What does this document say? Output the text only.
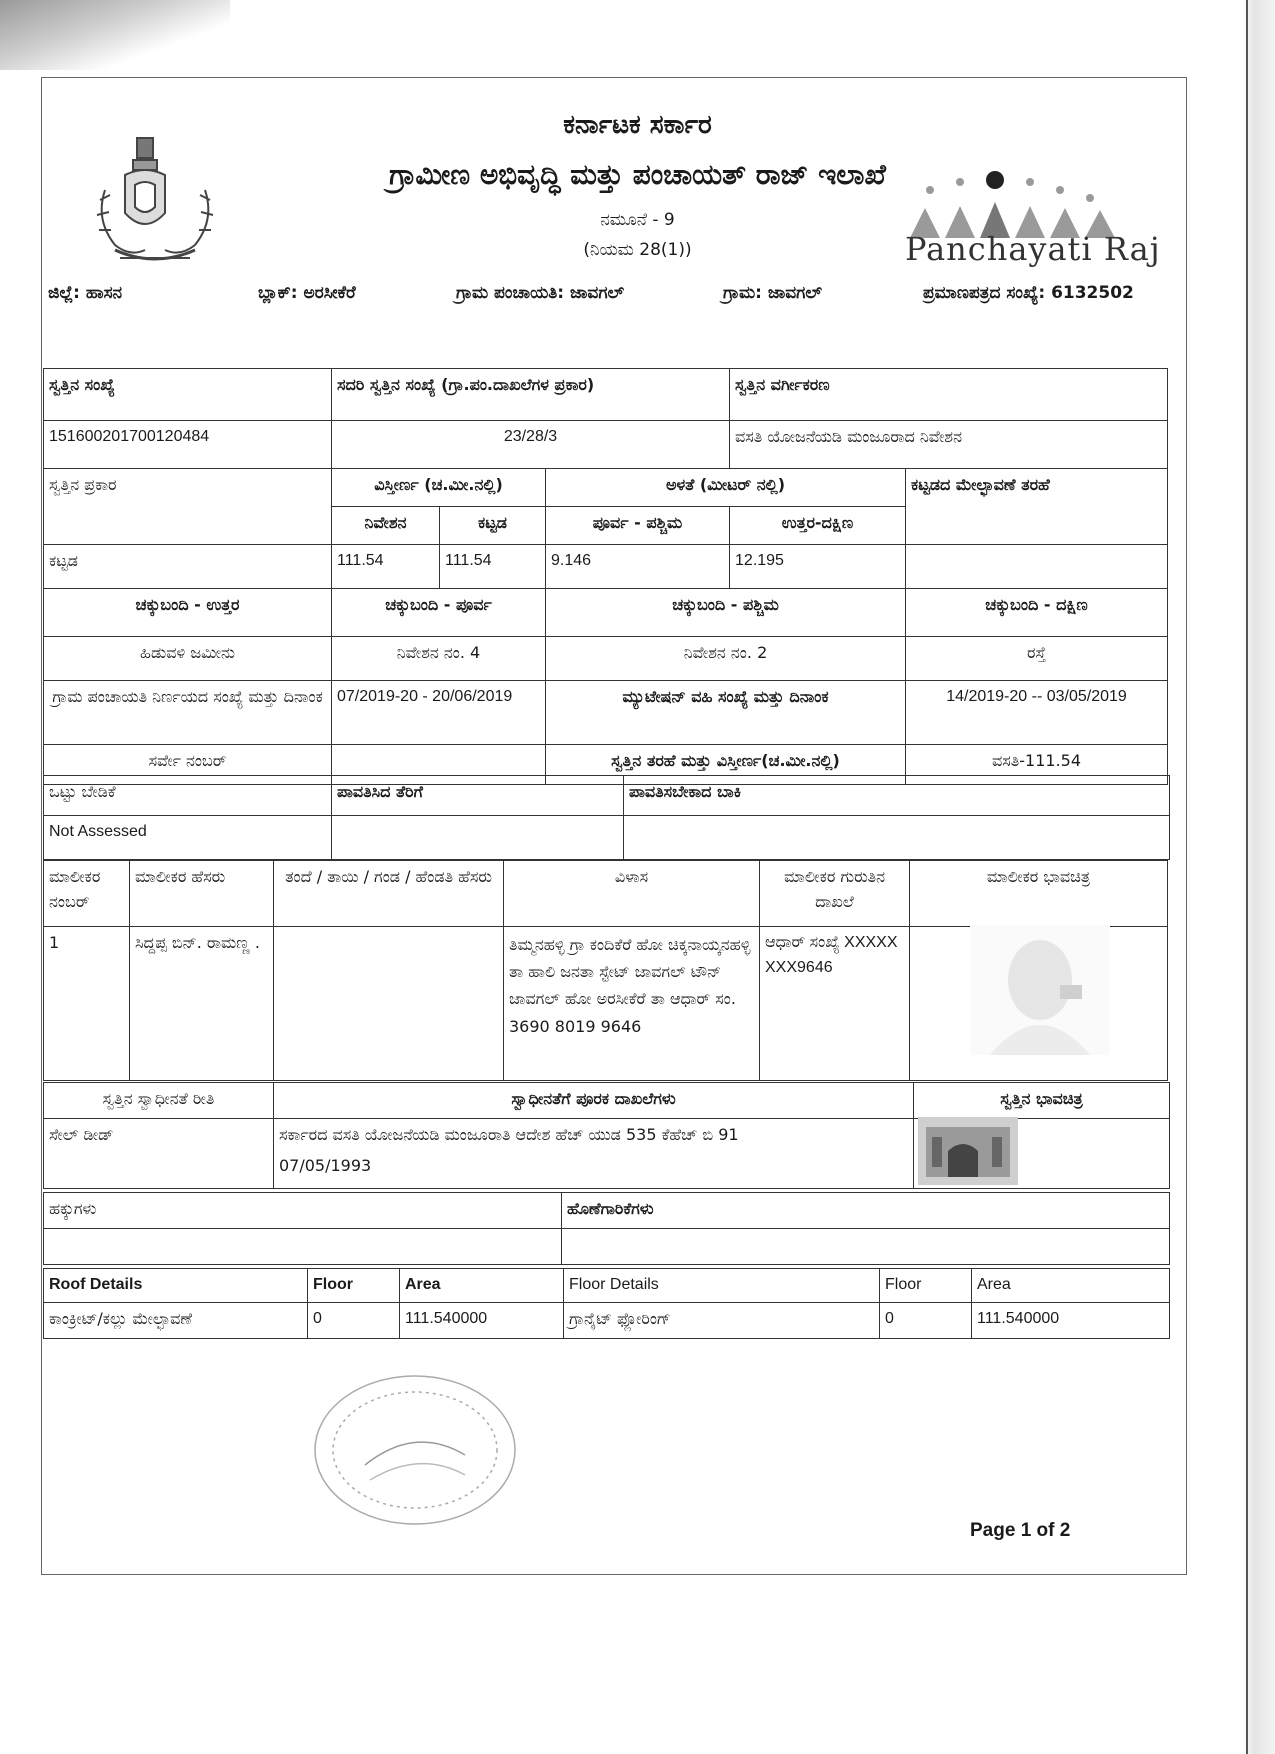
Panchayati Raj
ಕರ್ನಾಟಕ ಸರ್ಕಾರ
ಗ್ರಾಮೀಣ ಅಭಿವೃದ್ಧಿ ಮತ್ತು ಪಂಚಾಯತ್ ರಾಜ್ ಇಲಾಖೆ
ನಮೂನೆ - 9
(ನಿಯಮ 28(1))
ಜಿಲ್ಲೆ: ಹಾಸನ	ಬ್ಲಾಕ್: ಅರಸೀಕೆರೆ	ಗ್ರಾಮ ಪಂಚಾಯತಿ: ಜಾವಗಲ್	ಗ್ರಾಮ: ಜಾವಗಲ್	ಪ್ರಮಾಣಪತ್ರದ ಸಂಖ್ಯೆ: 6132502
ಸ್ವತ್ತಿನ ಸಂಖ್ಯೆ	ಸದರಿ ಸ್ವತ್ತಿನ ಸಂಖ್ಯೆ (ಗ್ರಾ.ಪಂ.ದಾಖಲೆಗಳ ಪ್ರಕಾರ)			ಸ್ವತ್ತಿನ ವರ್ಗೀಕರಣ	
151600201700120484	23/28/3			ವಸತಿ ಯೋಜನೆಯಡಿ ಮಂಜೂರಾದ ನಿವೇಶನ	
ಸ್ವತ್ತಿನ ಪ್ರಕಾರ	ವಿಸ್ತೀರ್ಣ (ಚ.ಮೀ.ನಲ್ಲಿ)		ಅಳತೆ (ಮೀಟರ್ ನಲ್ಲಿ)		ಕಟ್ಟಡದ ಮೇಲ್ಛಾವಣೆ ತರಹೆ
	ನಿವೇಶನ	ಕಟ್ಟಡ	ಪೂರ್ವ - ಪಶ್ಚಿಮ	ಉತ್ತರ-ದಕ್ಷಿಣ	
ಕಟ್ಟಡ	111.54	111.54	9.146	12.195	
ಚಕ್ಕುಬಂದಿ - ಉತ್ತರ	ಚಕ್ಕುಬಂದಿ - ಪೂರ್ವ		ಚಕ್ಕುಬಂದಿ - ಪಶ್ಚಿಮ		ಚಕ್ಕುಬಂದಿ - ದಕ್ಷಿಣ
ಹಿಡುವಳಿ ಜಮೀನು	ನಿವೇಶನ ನಂ. 4		ನಿವೇಶನ ನಂ. 2		ರಸ್ತೆ
ಗ್ರಾಮ ಪಂಚಾಯತಿ ನಿರ್ಣಯದ ಸಂಖ್ಯೆ ಮತ್ತು ದಿನಾಂಕ	07/2019-20 - 20/06/2019		ಮ್ಯುಟೇಷನ್ ವಹಿ ಸಂಖ್ಯೆ ಮತ್ತು ದಿನಾಂಕ		14/2019-20 -- 03/05/2019
ಸರ್ವೇ ನಂಬರ್			ಸ್ವತ್ತಿನ ತರಹೆ ಮತ್ತು ವಿಸ್ತೀರ್ಣ(ಚ.ಮೀ.ನಲ್ಲಿ)		ವಸತಿ-111.54
ಒಟ್ಟು ಬೇಡಿಕೆ	ಪಾವತಿಸಿದ ತೆರಿಗೆ	ಪಾವತಿಸಬೇಕಾದ ಬಾಕಿ
Not Assessed		
ಮಾಲೀಕರ ನಂಬರ್	ಮಾಲೀಕರ ಹೆಸರು	ತಂದೆ / ತಾಯಿ / ಗಂಡ / ಹೆಂಡತಿ ಹೆಸರು	ವಿಳಾಸ	ಮಾಲೀಕರ ಗುರುತಿನ ದಾಖಲೆ	ಮಾಲೀಕರ ಭಾವಚಿತ್ರ
1	ಸಿದ್ದಪ್ಪ ಬಿನ್. ರಾಮಣ್ಣ .		ತಿಮ್ಮನಹಳ್ಳಿ ಗ್ರಾ ಕಂದಿಕೆರೆ ಹೋ ಚಿಕ್ಕನಾಯ್ಕನಹಳ್ಳಿ ತಾ ಹಾಲಿ ಜನತಾ ಸ್ಟೇಟ್ ಜಾವಗಲ್ ಟೌನ್ ಜಾವಗಲ್ ಹೋ ಅರಸೀಕೆರೆ ತಾ ಆಧಾರ್ ಸಂ. 3690 8019 9646	ಆಧಾರ್ ಸಂಖ್ಯೆ XXXXXXXX9646	
ಸ್ವತ್ತಿನ ಸ್ವಾಧೀನತೆ ರೀತಿ	ಸ್ವಾಧೀನತೆಗೆ ಪೂರಕ ದಾಖಲೆಗಳು	ಸ್ವತ್ತಿನ ಭಾವಚಿತ್ರ
ಸೇಲ್ ಡೀಡ್	ಸರ್ಕಾರದ ವಸತಿ ಯೋಜನೆಯಡಿ ಮಂಜೂರಾತಿ ಆದೇಶ ಹೆಚ್ ಯುಡ 535 ಕೆಹೆಚ್ ಬಿ 91
07/05/1993	

ಹಕ್ಕುಗಳು	ಹೊಣೆಗಾರಿಕೆಗಳು

Roof Details	Floor	Area	Floor Details	Floor	Area
ಕಾಂಕ್ರೀಟ್/ಕಲ್ಲು ಮೇಲ್ಛಾವಣೆ	0	111.540000	ಗ್ರಾನೈಟ್ ಫ್ಲೋರಿಂಗ್	0	111.540000
Page 1 of 2
